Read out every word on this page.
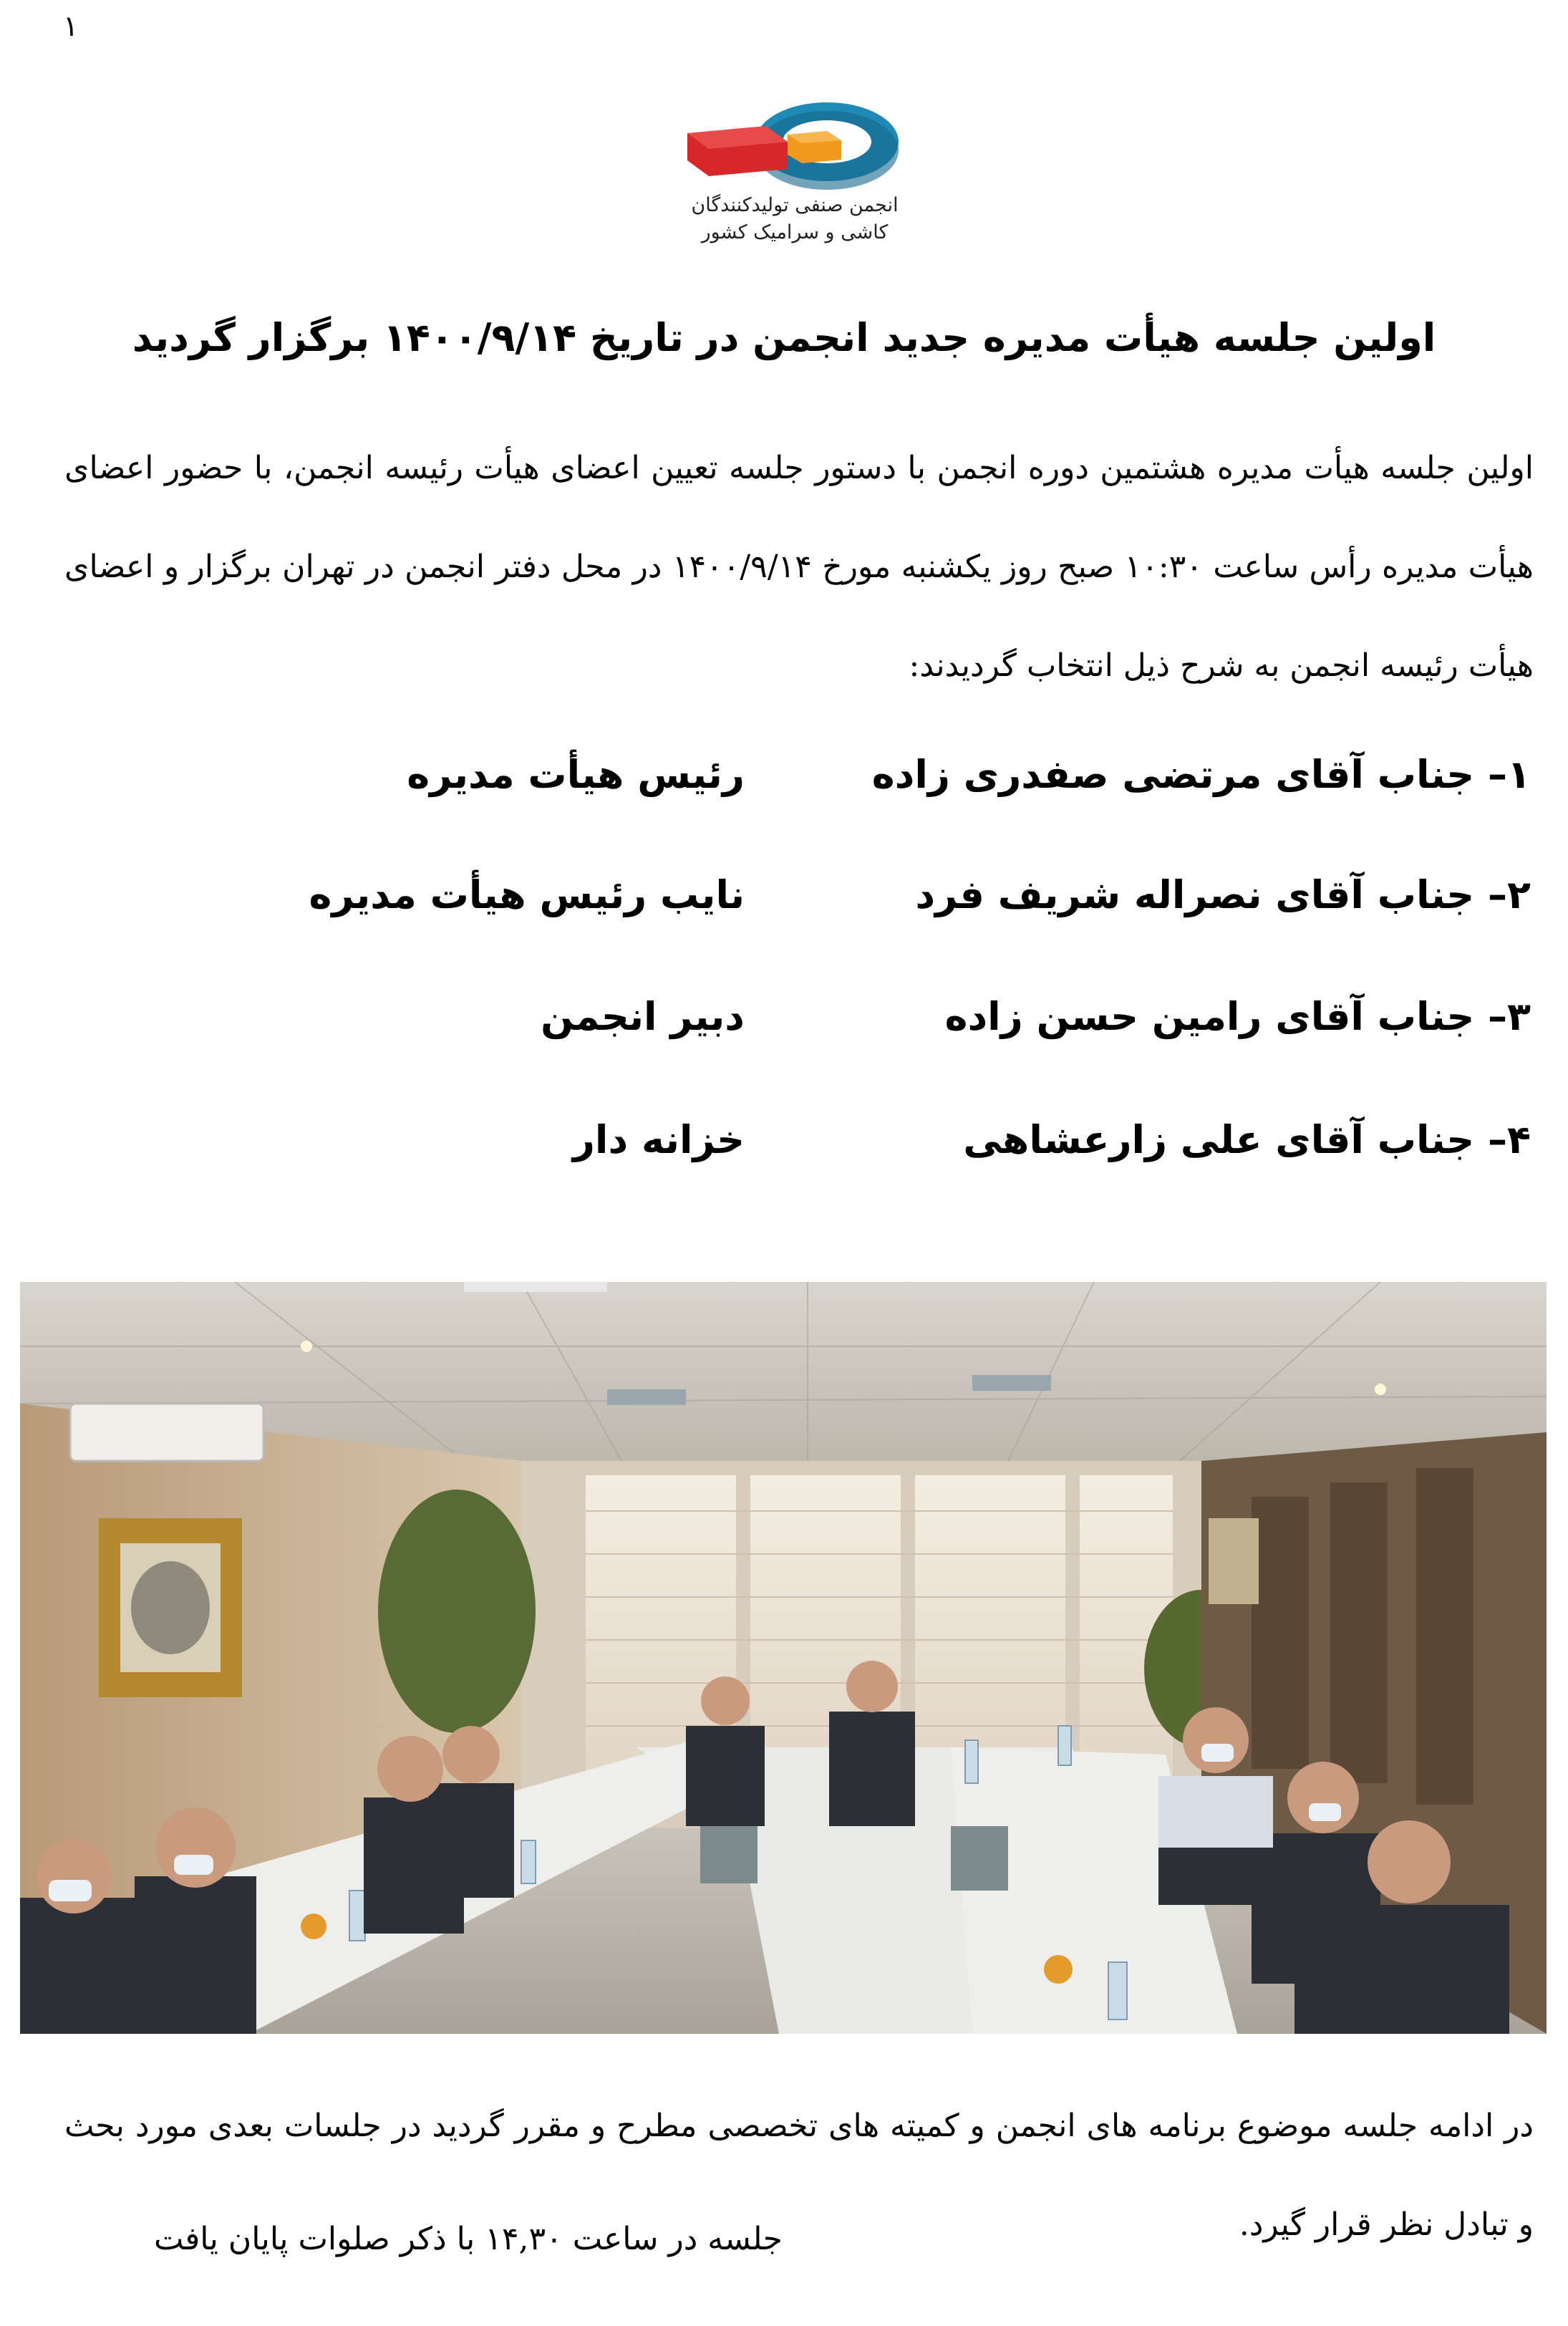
۱
انجمن صنفی تولیدکنندگان
کاشی و سرامیک کشور
اولین جلسه هیأت مدیره جدید انجمن در تاریخ ۱۴۰۰/۹/۱۴ برگزار گردید
اولین جلسه هیأت مدیره هشتمین دوره انجمن با دستور جلسه تعیین اعضای هیأت رئیسه انجمن، با حضور اعضای هیأت مدیره رأس ساعت ۱۰:۳۰ صبح روز یکشنبه مورخ ۱۴۰۰/۹/۱۴ در محل دفتر انجمن در تهران برگزار و اعضای هیأت رئیسه انجمن به شرح ذیل انتخاب گردیدند:
۱– جناب آقای مرتضی صفدری زاده
رئیس هیأت مدیره
۲– جناب آقای نصراله شریف فرد
نایب رئیس هیأت مدیره
۳– جناب آقای رامین حسن زاده
دبیر انجمن
۴– جناب آقای علی زارعشاهی
خزانه دار
در ادامه جلسه موضوع برنامه های انجمن و کمیته های تخصصی مطرح و مقرر گردید در جلسات بعدی مورد بحث و تبادل نظر قرار گیرد.
جلسه در ساعت ۱۴,۳۰ با ذکر صلوات پایان یافت
